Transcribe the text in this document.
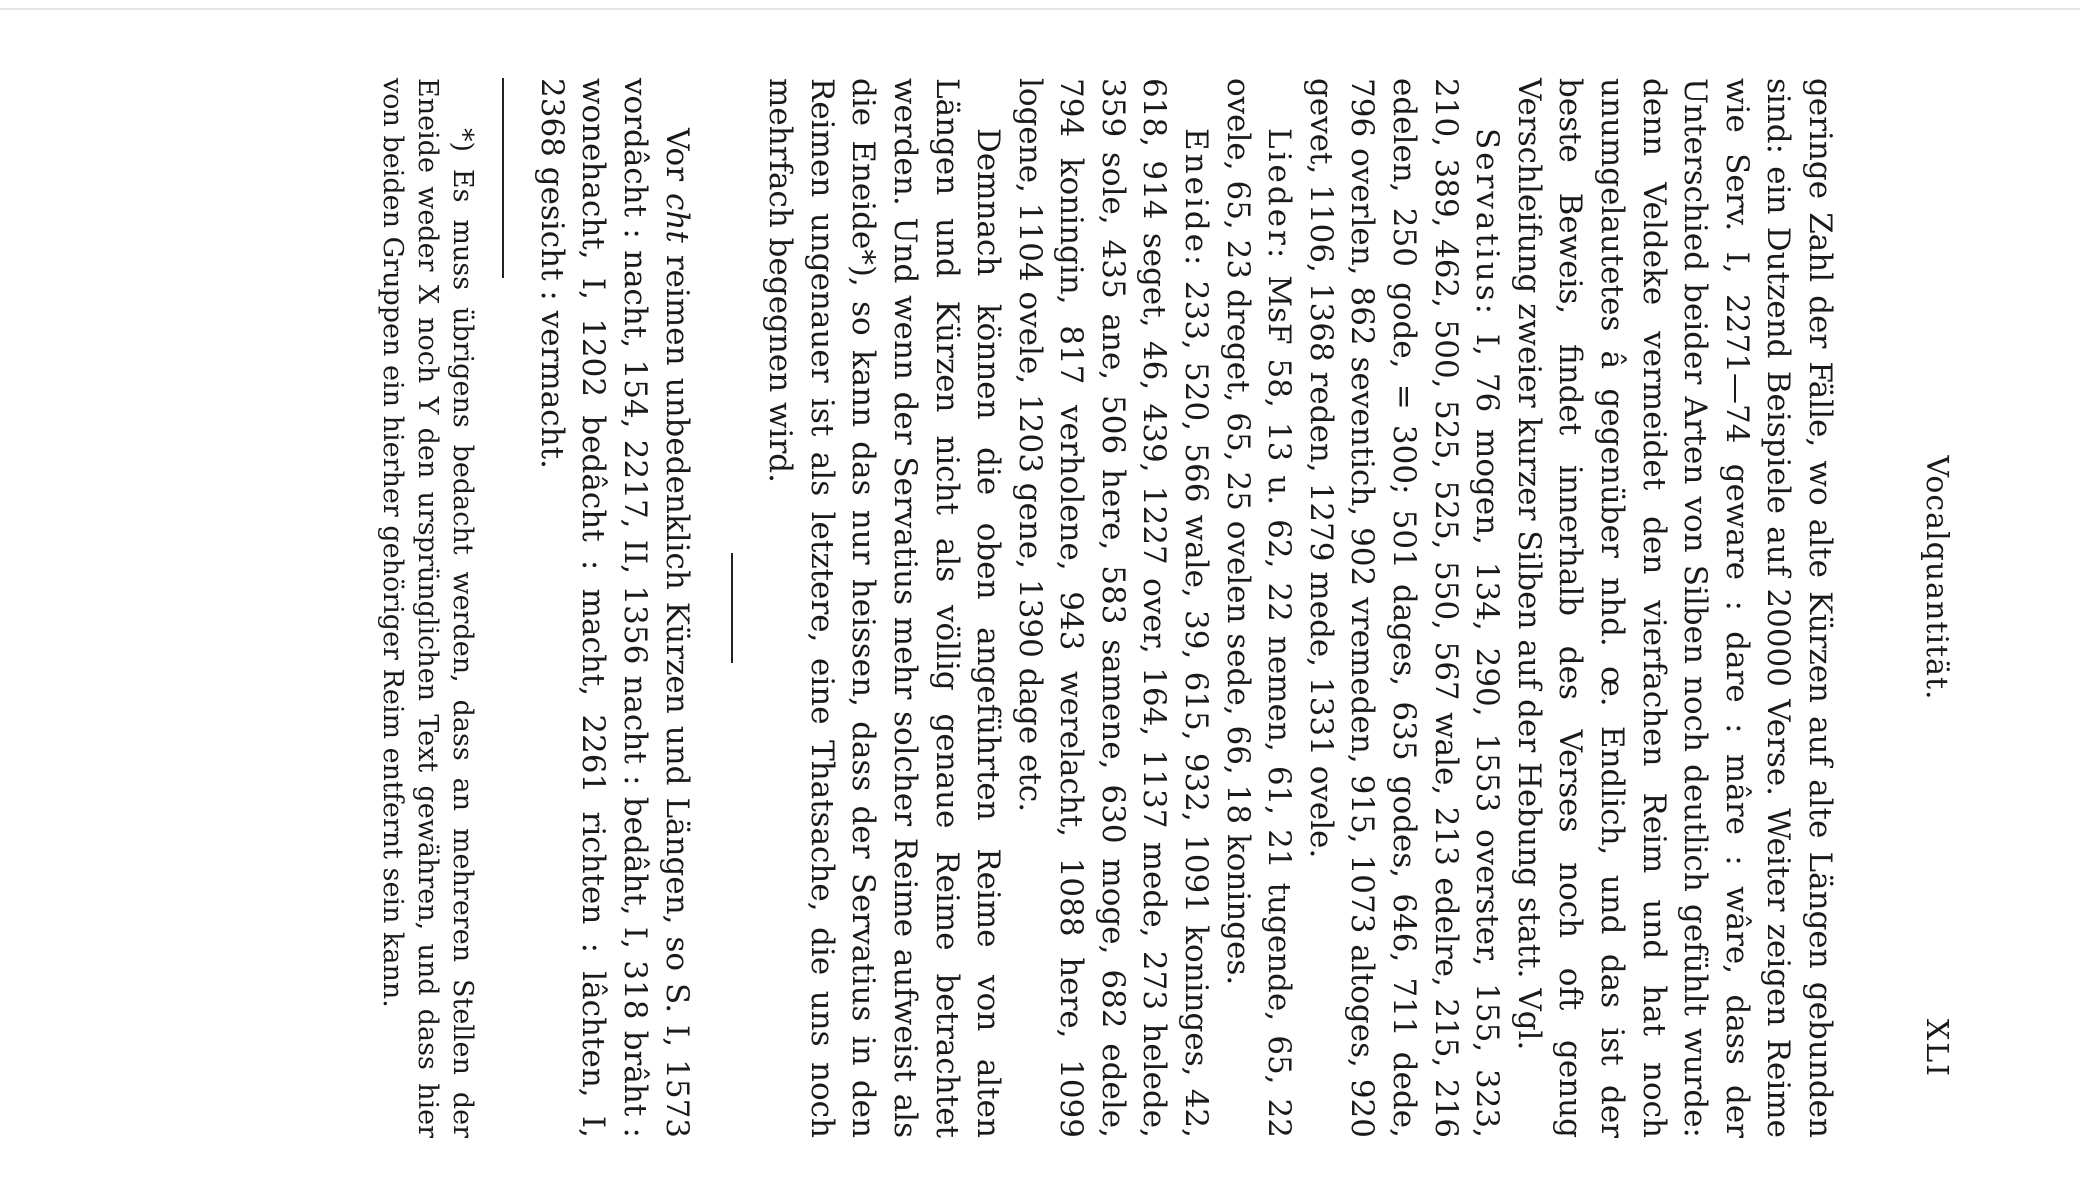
Vocalquantität.
XLI

geringe Zahl der Fälle, wo alte Kürzen auf alte Längen gebunden sind: ein Dutzend Beispiele auf 20000 Verse. Weiter zeigen Reime wie Serv. I, 2271—74 geware : dare : mâre : wâre, dass der Unterschied beider Arten von Silben noch deutlich gefühlt wurde: denn Veldeke vermeidet den vierfachen Reim und hat noch unumgelautetes â gegenüber nhd. œ. Endlich, und das ist der beste Beweis, findet innerhalb des Verses noch oft genug Verschleifung zweier kurzer Silben auf der Hebung statt. Vgl.

Servatius: I, 76 mogen, 134, 290, 1553 overster, 155, 323, 210, 389, 462, 500, 525, 525, 550, 567 wale, 213 edelre, 215, 216 edelen, 250 gode, = 300; 501 dages, 635 godes, 646, 711 dede, 796 overlen, 862 seventich, 902 vremeden, 915, 1073 altoges, 920 gevet, 1106, 1368 reden, 1279 mede, 1331 ovele.

Lieder: MsF 58, 13 u. 62, 22 nemen, 61, 21 tugende, 65, 22 ovele, 65, 23 dreget, 65, 25 ovelen sede, 66, 18 koninges.

Eneide: 233, 520, 566 wale, 39, 615, 932, 1091 koninges, 42, 618, 914 seget, 46, 439, 1227 over, 164, 1137 mede, 273 helede, 359 sole, 435 ane, 506 here, 583 samene, 630 moge, 682 edele, 794 koningin, 817 verholene, 943 werelacht, 1088 here, 1099 logene, 1104 ovele, 1203 gene, 1390 dage etc.

Demnach können die oben angeführten Reime von alten Längen und Kürzen nicht als völlig genaue Reime betrachtet werden. Und wenn der Servatius mehr solcher Reime aufweist als die Eneide*), so kann das nur heissen, dass der Servatius in den Reimen ungenauer ist als letztere, eine Thatsache, die uns noch mehrfach begegnen wird.

Vor cht reimen unbedenklich Kürzen und Längen, so S. I, 1573 vordâcht : nacht, 154, 2217, II, 1356 nacht : bedâht, I, 318 brâht : wonehacht, I, 1202 bedâcht : macht, 2261 richten : lâchten, I, 2368 gesicht : vermacht.

*) Es muss übrigens bedacht werden, dass an mehreren Stellen der Eneide weder X noch Y den ursprünglichen Text gewähren, und dass hier von beiden Gruppen ein hierher gehöriger Reim entfernt sein kann.
